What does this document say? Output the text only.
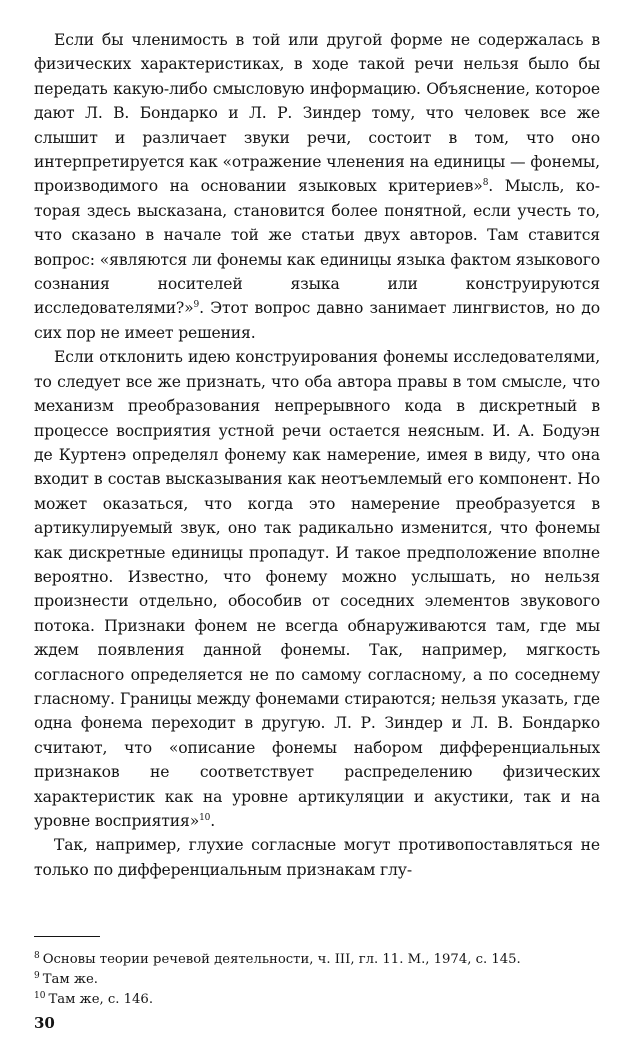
Если бы членимость в той или другой форме не содержалась в физических характеристиках, в ходе такой речи нельзя было бы передать какую-либо смысловую информацию. Объяснение, которое дают Л. В. Бондарко и Л. Р. Зиндер тому, что человек все же слышит и различает звуки речи, состоит в том, что оно интерпретируется как «отражение членения на единицы — фонемы, производимого на основании языковых критериев»$^8$. Мысль, которая здесь высказана, становится более понятной, если учесть то, что сказано в начале той же статьи двух авторов. Там ставится вопрос: «являются ли фонемы как единицы языка фактом языкового сознания носителей языка или конструируются исследователями?»$^9$. Этот вопрос давно занимает лингвистов, но до сих пор не имеет решения.

Если отклонить идею конструирования фонемы исследователями, то следует все же признать, что оба автора правы в том смысле, что механизм преобразования непрерывного кода в дискретный в процессе восприятия устной речи остается неясным. И. А. Бодуэн де Куртенэ определял фонему как намерение, имея в виду, что она входит в состав высказывания как неотъемлемый его компонент. Но может оказаться, что когда это намерение преобразуется в артикулируемый звук, оно так радикально изменится, что фонемы как дискретные единицы пропадут. И такое предположение вполне вероятно. Известно, что фонему можно услышать, но нельзя произнести отдельно, обособив от соседних элементов звукового потока. Признаки фонем не всегда обнаруживаются там, где мы ждем появления данной фонемы. Так, например, мягкость согласного определяется не по самому согласному, а по соседнему гласному. Границы между фонемами стираются; нельзя указать, где одна фонема переходит в другую. Л. Р. Зиндер и Л. В. Бондарко считают, что «описание фонемы набором дифференциальных признаков не соответствует распределению физических характеристик как на уровне артикуляции и акустики, так и на уровне восприятия»$^{10}$.

Так, например, глухие согласные могут противопоставляться не только по дифференциальным признакам глу-

$^8$ Основы теории речевой деятельности, ч. III, гл. 11. М., 1974, с. 145.

$^9$ Там же.

$^{10}$ Там же, с. 146.

30
